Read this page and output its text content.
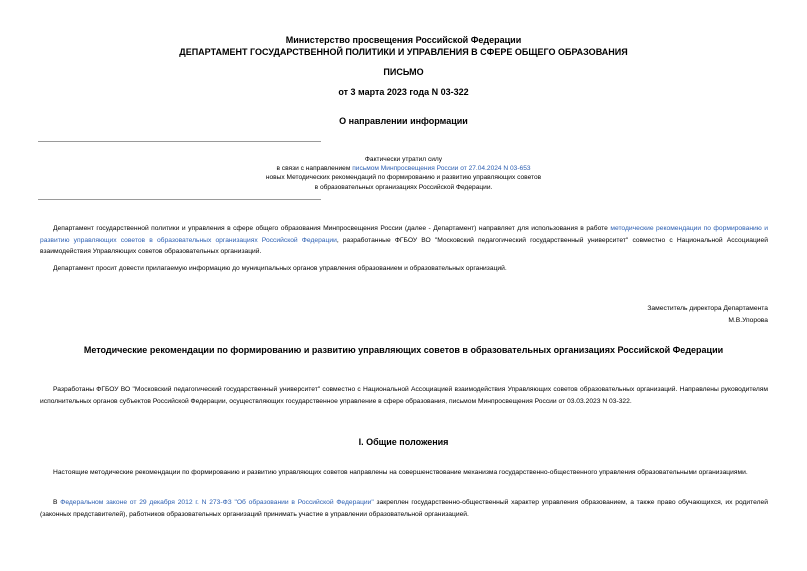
Министерство просвещения Российской Федерации
ДЕПАРТАМЕНТ ГОСУДАРСТВЕННОЙ ПОЛИТИКИ И УПРАВЛЕНИЯ В СФЕРЕ ОБЩЕГО ОБРАЗОВАНИЯ
ПИСЬМО
от 3 марта 2023 года N 03-322
О направлении информации
Фактически утратил силу
в связи с направлением письмом Минпросвещения России от 27.04.2024 N 03-653
новых Методических рекомендаций по формированию и развитию управляющих советов
в образовательных организациях Российской Федерации.
Департамент государственной политики и управления в сфере общего образования Минпросвещения России (далее - Департамент) направляет для использования в работе методические рекомендации по формированию и развитию управляющих советов в образовательных организациях Российской Федерации, разработанные ФГБОУ ВО "Московский педагогический государственный университет" совместно с Национальной Ассоциацией взаимодействия Управляющих советов образовательных организаций.
Департамент просит довести прилагаемую информацию до муниципальных органов управления образованием и образовательных организаций.
Заместитель директора Департамента
М.В.Упорова
Методические рекомендации по формированию и развитию управляющих советов в образовательных организациях Российской Федерации
Разработаны ФГБОУ ВО "Московский педагогический государственный университет" совместно с Национальной Ассоциацией взаимодействия Управляющих советов образовательных организаций. Направлены руководителям исполнительных органов субъектов Российской Федерации, осуществляющих государственное управление в сфере образования, письмом Минпросвещения России от 03.03.2023 N 03-322.
I. Общие положения
Настоящие методические рекомендации по формированию и развитию управляющих советов направлены на совершенствование механизма государственно-общественного управления образовательными организациями.
В Федеральном законе от 29 декабря 2012 г. N 273-ФЗ "Об образовании в Российской Федерации" закреплен государственно-общественный характер управления образованием, а также право обучающихся, их родителей (законных представителей), работников образовательных организаций принимать участие в управлении образовательной организацией.
